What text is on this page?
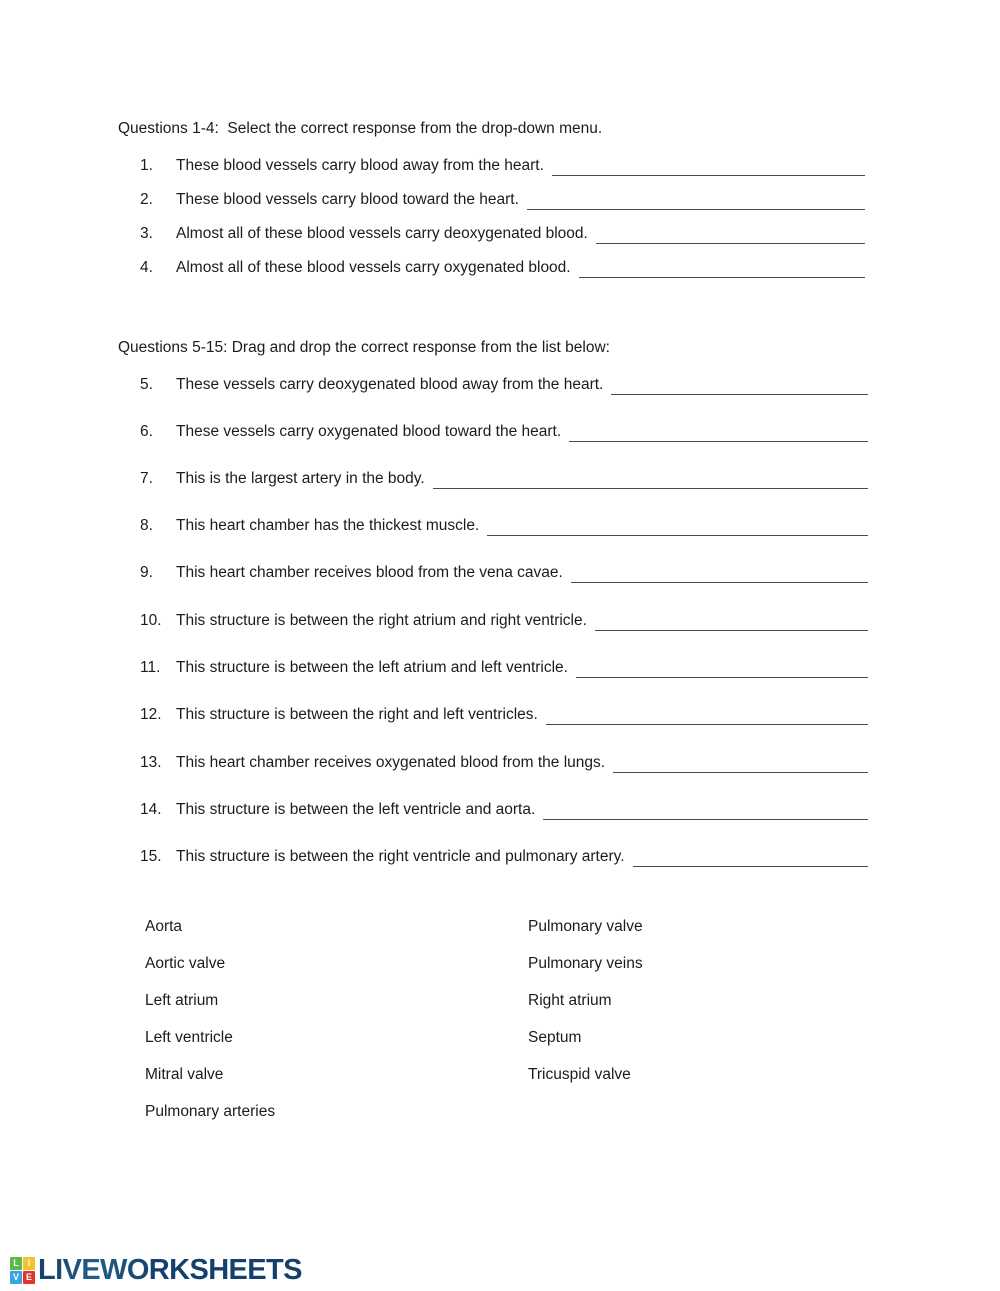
Questions 1-4:  Select the correct response from the drop-down menu.
1.	These blood vessels carry blood away from the heart.
2.	These blood vessels carry blood toward the heart.
3.	Almost all of these blood vessels carry deoxygenated blood.
4.	Almost all of these blood vessels carry oxygenated blood.
Questions 5-15: Drag and drop the correct response from the list below:
5.	These vessels carry deoxygenated blood away from the heart.
6.	These vessels carry oxygenated blood toward the heart.
7.	This is the largest artery in the body.
8.	This heart chamber has the thickest muscle.
9.	This heart chamber receives blood from the vena cavae.
10. This structure is between the right atrium and right ventricle.
11.	This structure is between the left atrium and left ventricle.
12. This structure is between the right and left ventricles.
13. This heart chamber receives oxygenated blood from the lungs.
14. This structure is between the left ventricle and aorta.
15. This structure is between the right ventricle and pulmonary artery.
Aorta
Aortic valve
Left atrium
Left ventricle
Mitral valve
Pulmonary arteries
Pulmonary valve
Pulmonary veins
Right atrium
Septum
Tricuspid valve
L I
V E LIVEWORKSHEETS
